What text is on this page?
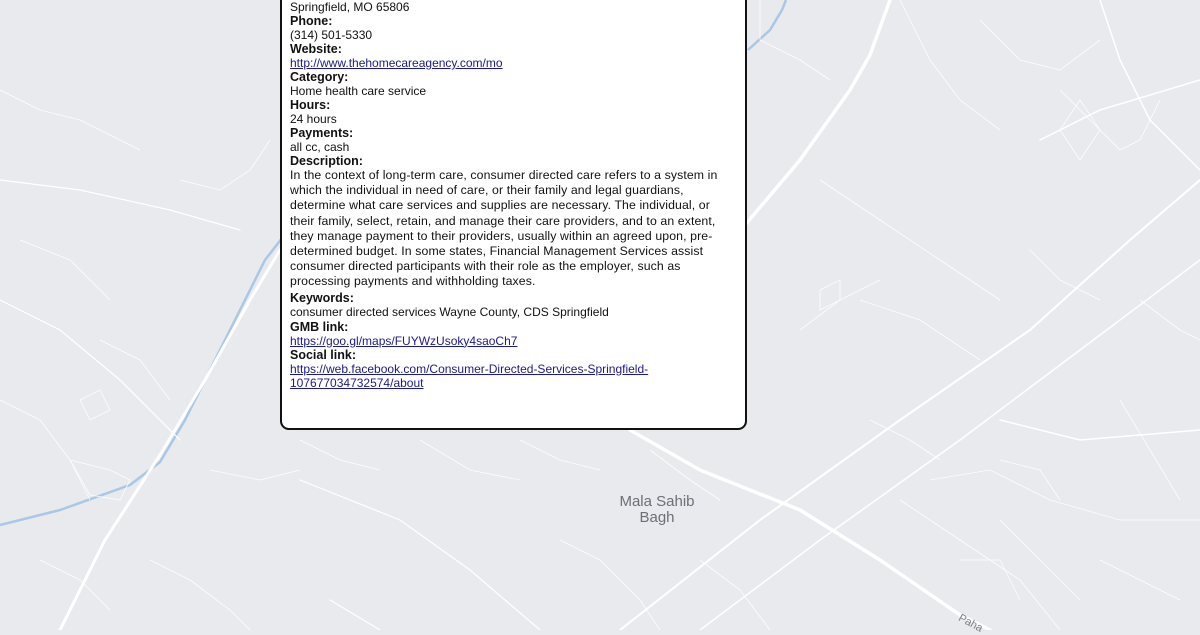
Mala Sahib
Bagh
Paha
Springfield, MO 65806
Phone:
(314) 501-5330
Website:
http://www.thehomecareagency.com/mo
Category:
Home health care service
Hours:
24 hours
Payments:
all cc, cash
Description:
In the context of long-term care, consumer directed care refers to a system in which the individual in need of care, or their family and legal guardians, determine what care services and supplies are necessary. The individual, or their family, select, retain, and manage their care providers, and to an extent, they manage payment to their providers, usually within an agreed upon, pre-determined budget. In some states, Financial Management Services assist consumer directed participants with their role as the employer, such as processing payments and withholding taxes.
Keywords:
consumer directed services Wayne County, CDS Springfield
GMB link:
https://goo.gl/maps/FUYWzUsoky4saoCh7
Social link:
https://web.facebook.com/Consumer-Directed-Services-Springfield-107677034732574/about
